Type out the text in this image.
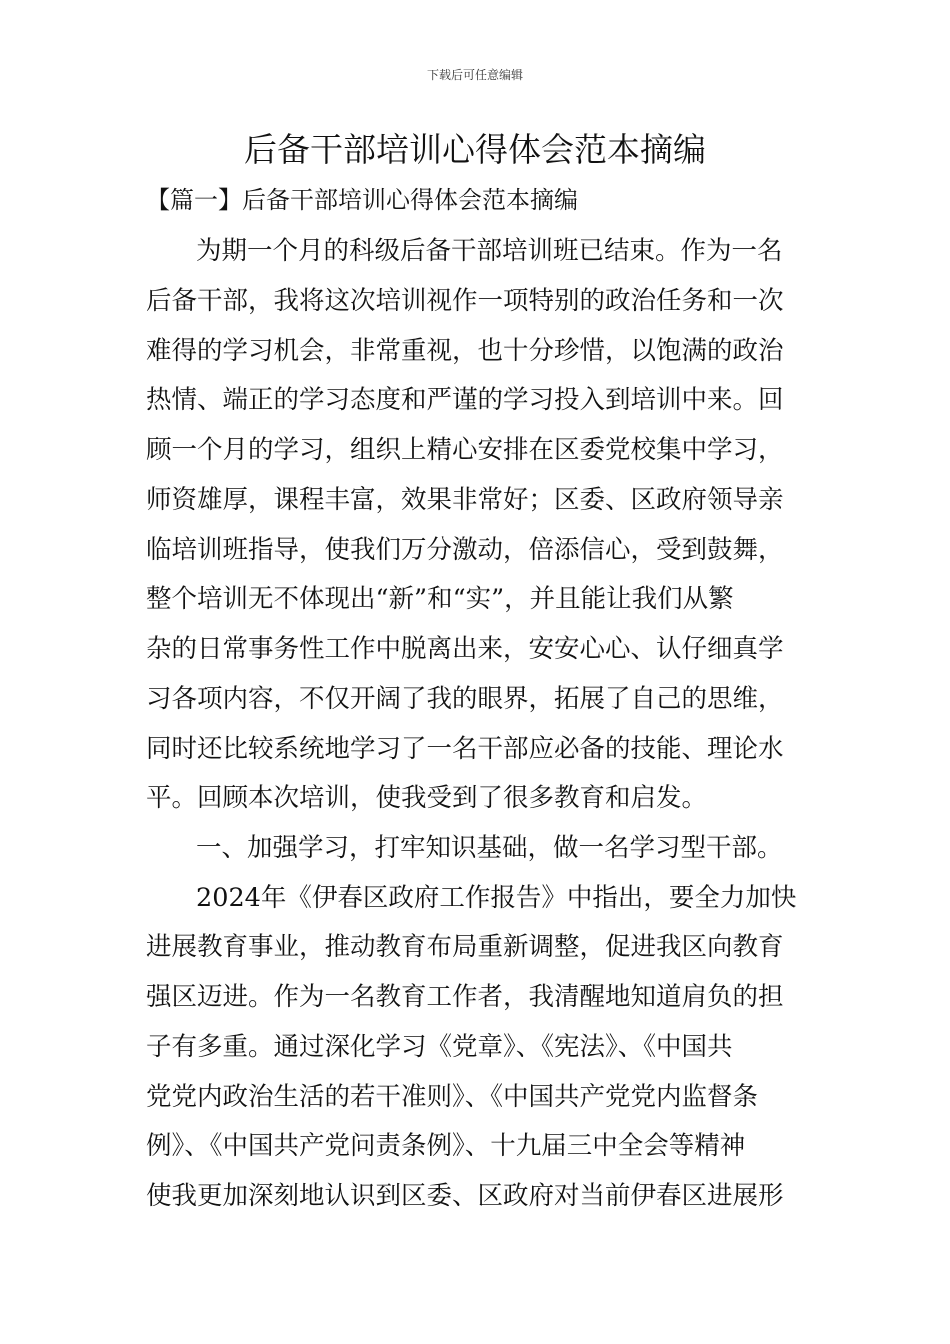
下载后可任意编辑
后备干部培训心得体会范本摘编
【篇一】后备干部培训心得体会范本摘编
为期一个月的科级后备干部培训班已结束。作为一名
后备干部，我将这次培训视作一项特别的政治任务和一次
难得的学习机会，非常重视，也十分珍惜，以饱满的政治
热情、端正的学习态度和严谨的学习投入到培训中来。回
顾一个月的学习，组织上精心安排在区委党校集中学习，
师资雄厚，课程丰富，效果非常好；区委、区政府领导亲
临培训班指导，使我们万分激动，倍添信心，受到鼓舞，
整个培训无不体现出“新”和“实”，并且能让我们从繁
杂的日常事务性工作中脱离出来，安安心心、认仔细真学
习各项内容，不仅开阔了我的眼界，拓展了自己的思维，
同时还比较系统地学习了一名干部应必备的技能、理论水
平。回顾本次培训，使我受到了很多教育和启发。
一、加强学习，打牢知识基础，做一名学习型干部。
2024年《伊春区政府工作报告》中指出，要全力加快
进展教育事业，推动教育布局重新调整，促进我区向教育
强区迈进。作为一名教育工作者，我清醒地知道肩负的担
子有多重。通过深化学习《党章》、《宪法》、《中国共
党党内政治生活的若干准则》、《中国共产党党内监督条
例》、《中国共产党问责条例》、十九届三中全会等精神
使我更加深刻地认识到区委、区政府对当前伊春区进展形
